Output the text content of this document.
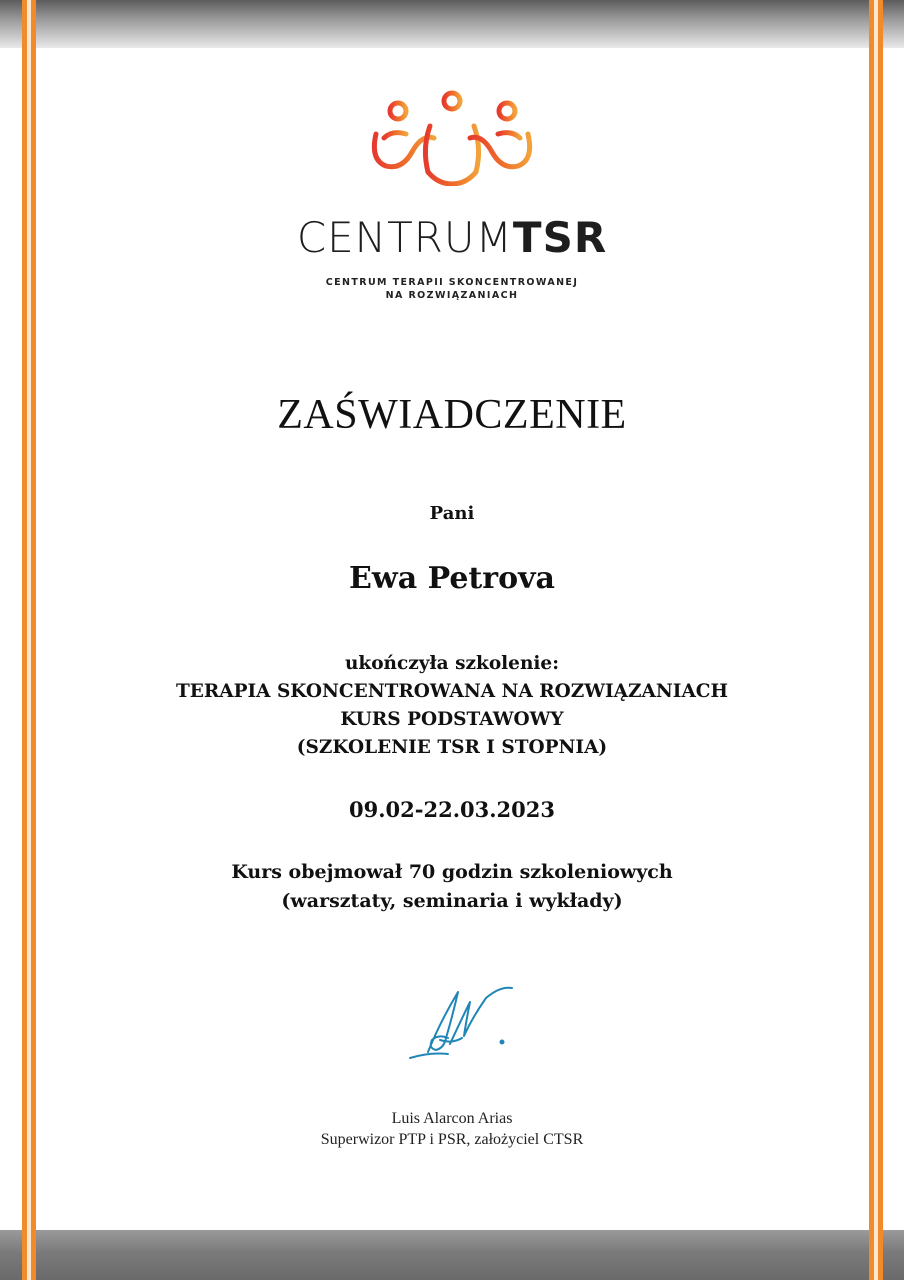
CENTRUMTSR
CENTRUM TERAPII SKONCENTROWANEJ
NA ROZWIĄZANIACH
ZAŚWIADCZENIE
Pani
Ewa Petrova
ukończyła szkolenie:
TERAPIA SKONCENTROWANA NA ROZWIĄZANIACH
KURS PODSTAWOWY
(SZKOLENIE TSR I STOPNIA)
09.02-22.03.2023
Kurs obejmował 70 godzin szkoleniowych
(warsztaty, seminaria i wykłady)
Luis Alarcon Arias
Superwizor PTP i PSR, założyciel CTSR
